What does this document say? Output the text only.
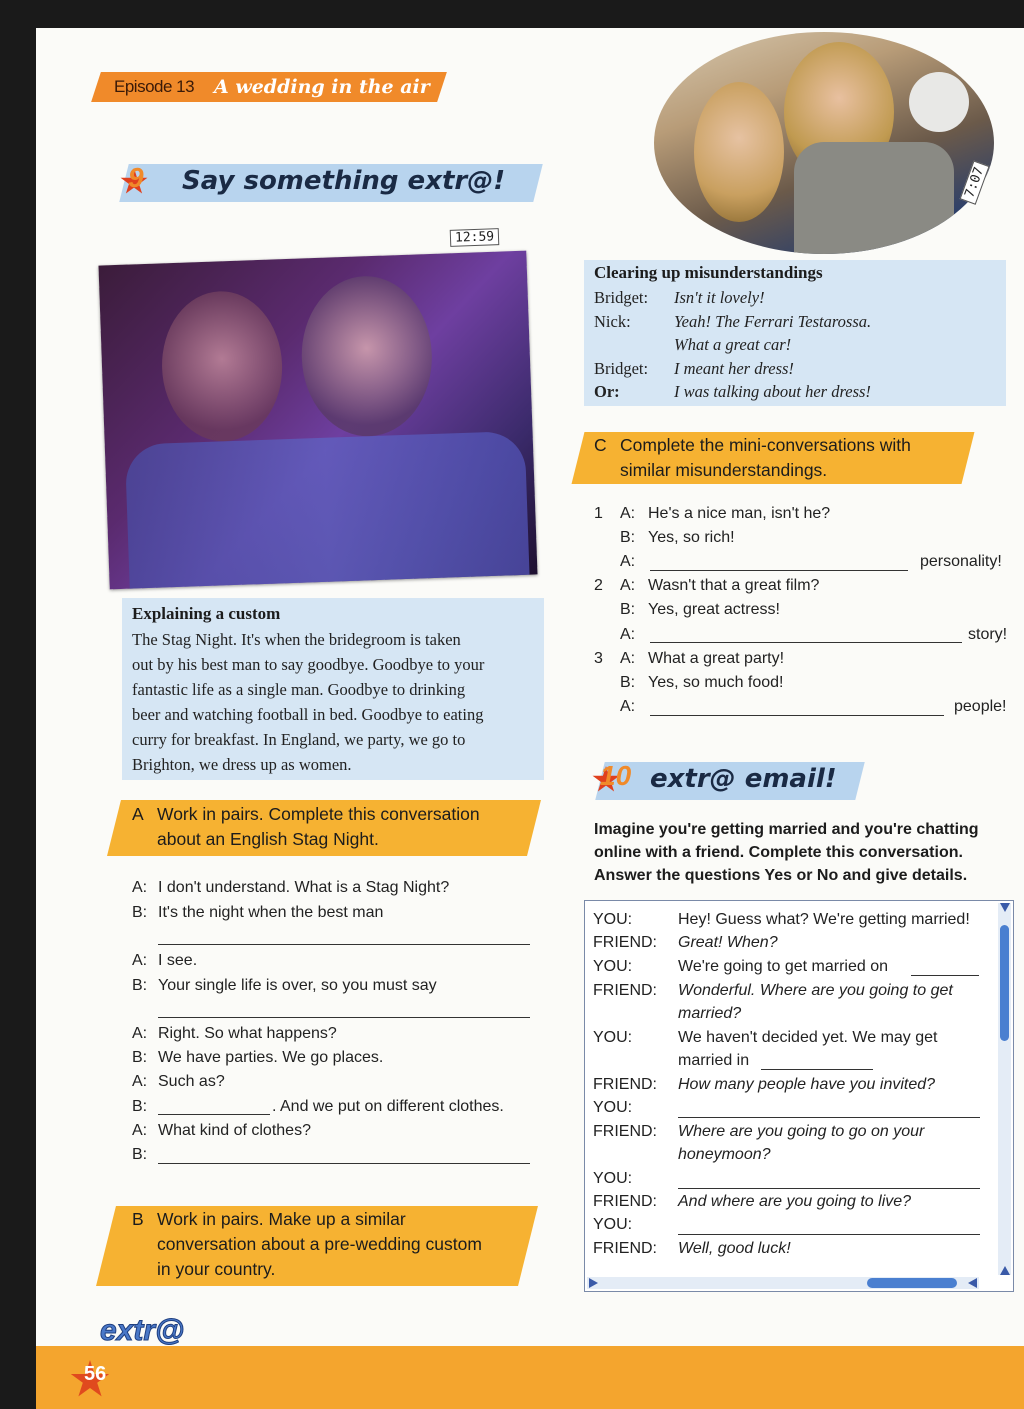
Episode 13 A wedding in the air
9 Say something extr@!
12:59
Explaining a custom
The Stag Night. It's when the bridegroom is taken
out by his best man to say goodbye. Goodbye to your
fantastic life as a single man. Goodbye to drinking
beer and watching football in bed. Goodbye to eating
curry for breakfast. In England, we party, we go to
Brighton, we dress up as women.
A Work in pairs. Complete this conversation
about an English Stag Night.
A: I don't understand. What is a Stag Night?
B: It's the night when the best man
A: I see.
B: Your single life is over, so you must say
A: Right. So what happens?
B: We have parties. We go places.
A: Such as?
B:	. And we put on different clothes.
A: What kind of clothes?
B:
B Work in pairs. Make up a similar
conversation about a pre-wedding custom
in your country.
7:07
Clearing up misunderstandings
Bridget: Isn't it lovely!
Nick:	Yeah! The Ferrari Testarossa.
What a great car!
Bridget: I meant her dress!
Or:	I was talking about her dress!
C Complete the mini-conversations with
similar misunderstandings.
1 A: He's a nice man, isn't he?
B: Yes, so rich!
A:	personality!
2 A: Wasn't that a great film?
B: Yes, great actress!
A:	story!
3 A: What a great party!
B: Yes, so much food!
A:	people!
10 extr@ email!
Imagine you're getting married and you're chatting
online with a friend. Complete this conversation.
Answer the questions Yes or No and give details.
YOU:	Hey! Guess what? We're getting married!
FRIEND: Great! When?
YOU:	We're going to get married on
FRIEND: Wonderful. Where are you going to get
married?
YOU:	We haven't decided yet. We may get
married in
FRIEND: How many people have you invited?
YOU:
FRIEND: Where are you going to go on your
honeymoon?
YOU:
FRIEND: And where are you going to live?
YOU:
FRIEND: Well, good luck!
extr@
56
